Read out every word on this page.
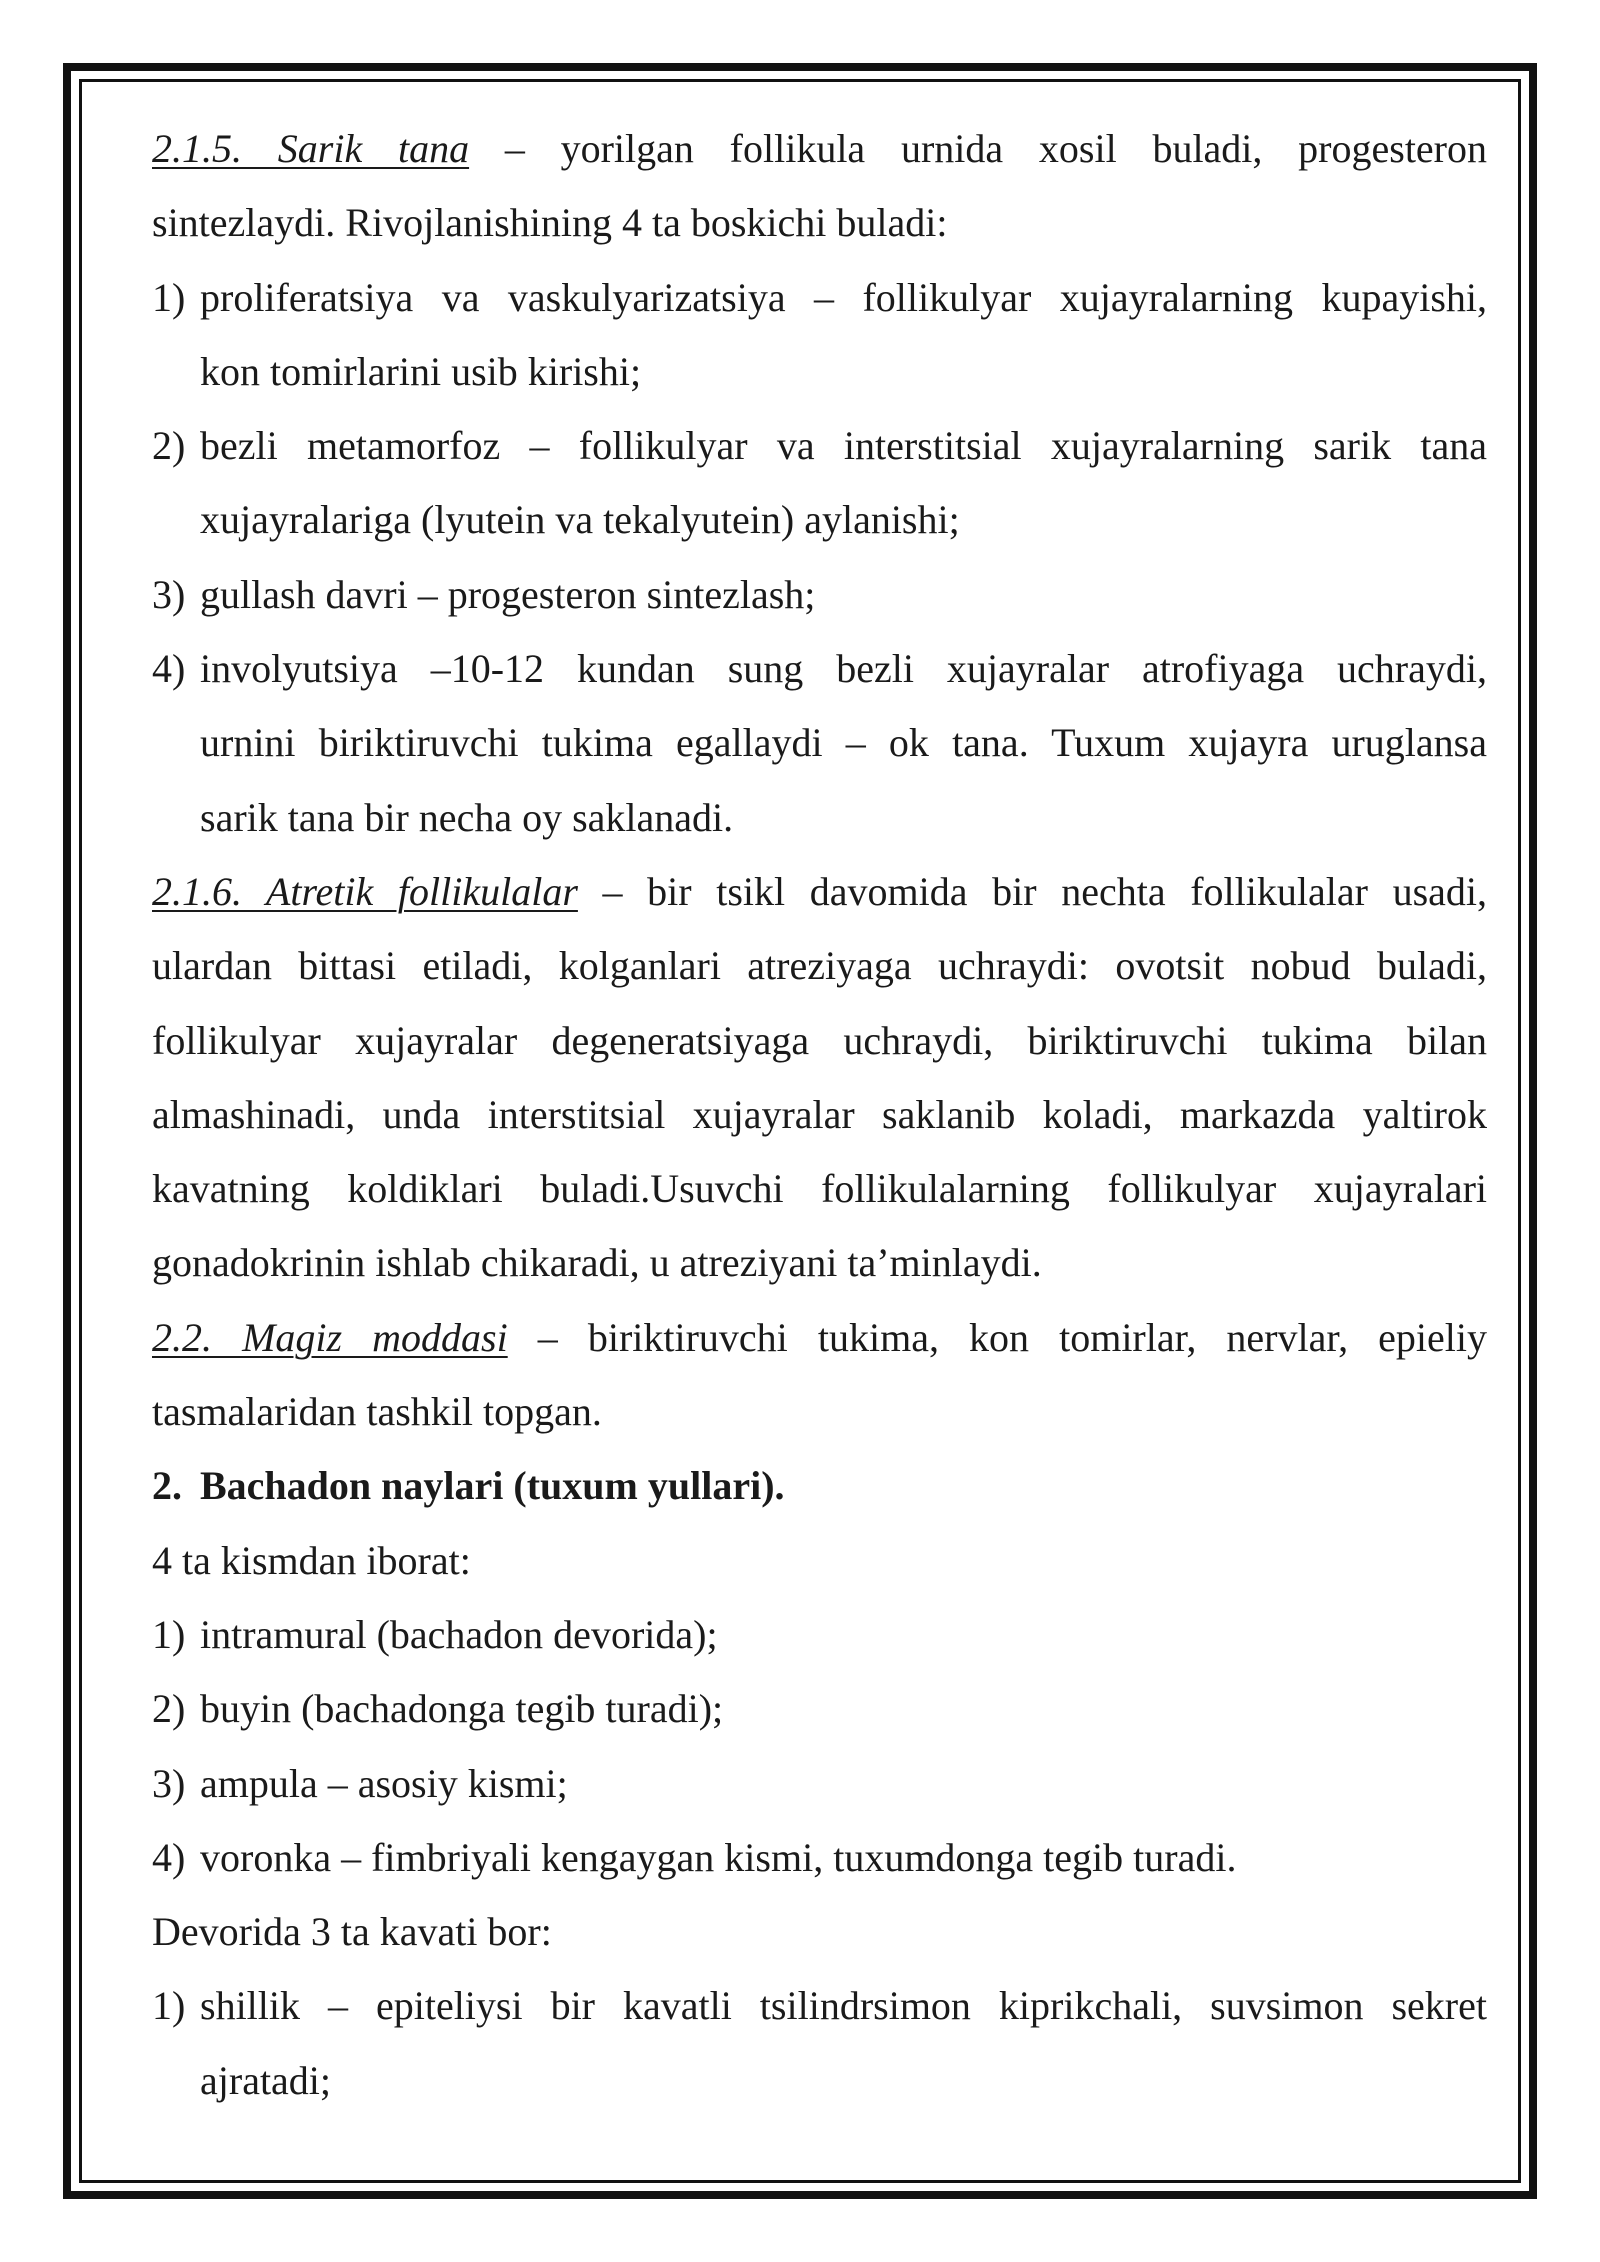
2.1.5. Sarik tana – yorilgan follikula urnida xosil buladi, progesteron

sintezlaydi. Rivojlanishining 4 ta boskichi buladi:

1) proliferatsiya va vaskulyarizatsiya – follikulyar xujayralarning kupayishi,
kon tomirlarini usib kirishi;
2) bezli metamorfoz – follikulyar va interstitsial xujayralarning sarik tana
xujayralariga (lyutein va tekalyutein) aylanishi;
3) gullash davri – progesteron sintezlash;
4) involyutsiya –10-12 kundan sung bezli xujayralar atrofiyaga uchraydi,
urnini biriktiruvchi tukima egallaydi – ok tana. Tuxum xujayra uruglansa
sarik tana bir necha oy saklanadi.

2.1.6. Atretik follikulalar – bir tsikl davomida bir nechta follikulalar usadi,

ulardan bittasi etiladi, kolganlari atreziyaga uchraydi: ovotsit nobud buladi,

follikulyar xujayralar degeneratsiyaga uchraydi, biriktiruvchi tukima bilan

almashinadi, unda interstitsial xujayralar saklanib koladi, markazda yaltirok

kavatning koldiklari buladi.Usuvchi follikulalarning follikulyar xujayralari

gonadokrinin ishlab chikaradi, u atreziyani ta’minlaydi.

2.2. Magiz moddasi – biriktiruvchi tukima, kon tomirlar, nervlar, epieliy

tasmalaridan tashkil topgan.

2. Bachadon naylari (tuxum yullari).

4 ta kismdan iborat:

1) intramural (bachadon devorida);
2) buyin (bachadonga tegib turadi);
3) ampula – asosiy kismi;
4) voronka – fimbriyali kengaygan kismi, tuxumdonga tegib turadi.

Devorida 3 ta kavati bor:

1) shillik – epiteliysi bir kavatli tsilindrsimon kiprikchali, suvsimon sekret
ajratadi;
